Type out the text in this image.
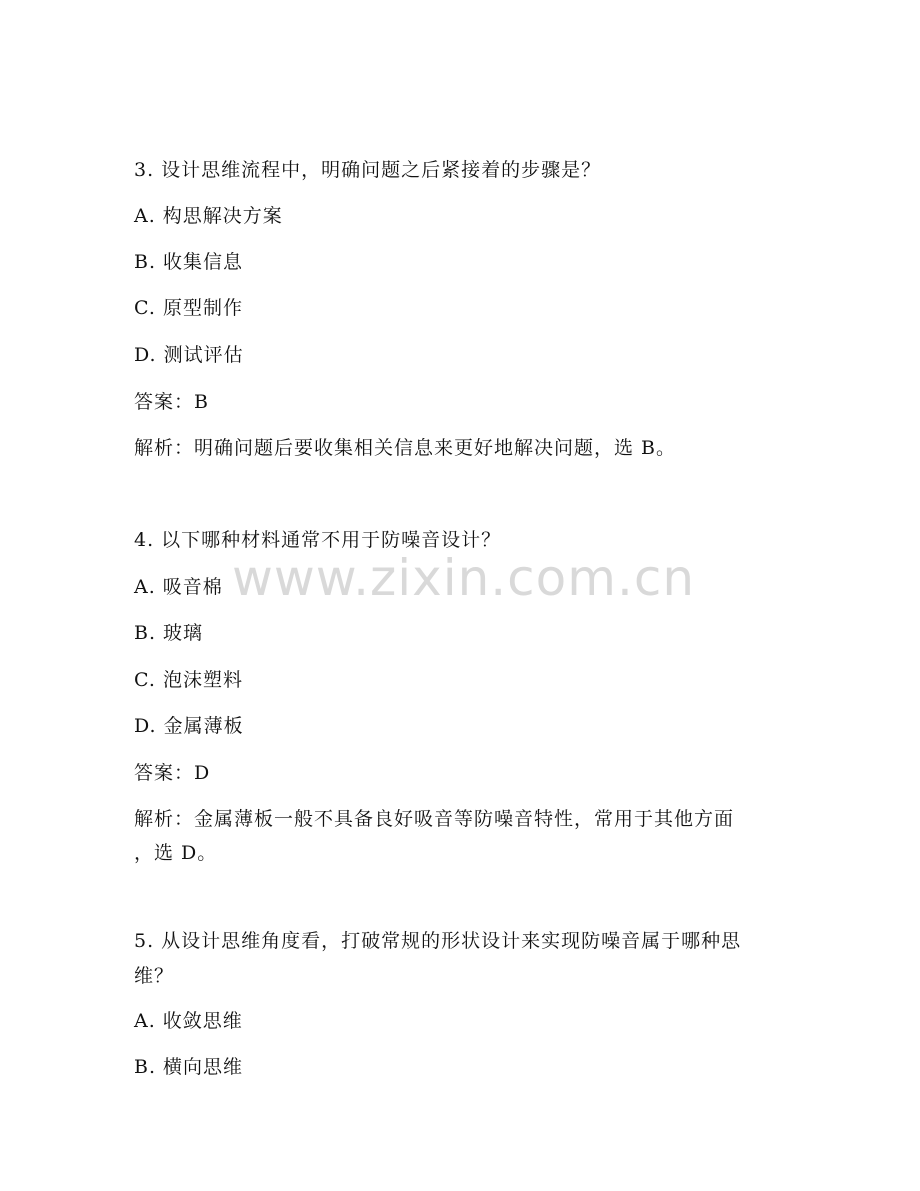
www.zixin.com.cn
3. 设计思维流程中，明确问题之后紧接着的步骤是？
A. 构思解决方案
B. 收集信息
C. 原型制作
D. 测试评估
答案：B
解析：明确问题后要收集相关信息来更好地解决问题，选 B。
4. 以下哪种材料通常不用于防噪音设计？
A. 吸音棉
B. 玻璃
C. 泡沫塑料
D. 金属薄板
答案：D
解析：金属薄板一般不具备良好吸音等防噪音特性，常用于其他方面
，选 D。
5. 从设计思维角度看，打破常规的形状设计来实现防噪音属于哪种思
维？
A. 收敛思维
B. 横向思维
